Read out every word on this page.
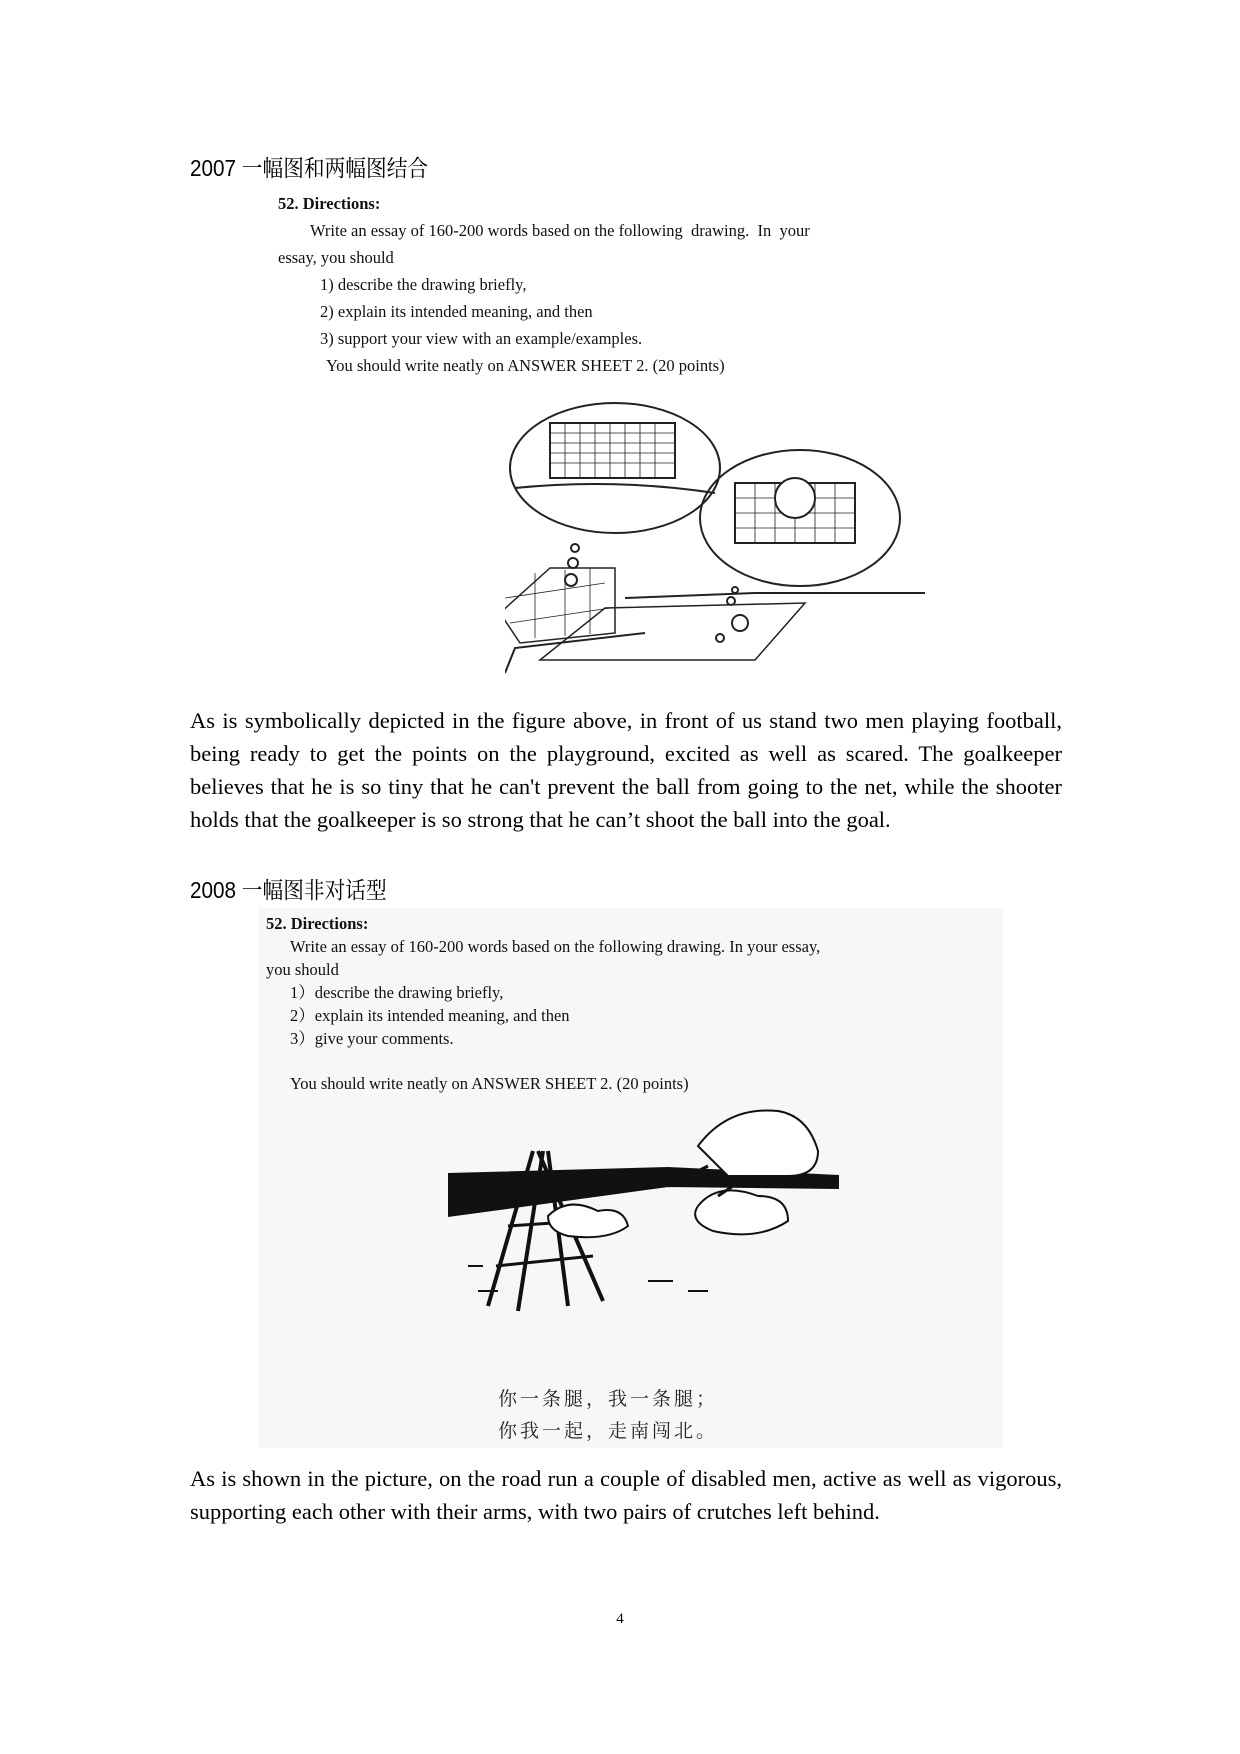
2007 一幅图和两幅图结合
52. Directions:
Write an essay of 160-200 words based on the following  drawing.  In  your
essay, you should
1) describe the drawing briefly,
2) explain its intended meaning, and then
3) support your view with an example/examples.
You should write neatly on ANSWER SHEET 2. (20 points)
As is symbolically depicted in the figure above, in front of us stand two men playing football, being ready to get the points on the playground, excited as well as scared. The goalkeeper believes that he is so tiny that he can't prevent the ball from going to the net, while the shooter holds that the goalkeeper is so strong that he can’t shoot the ball into the goal.
2008 一幅图非对话型
52. Directions:
Write an essay of 160-200 words based on the following drawing. In your essay,
you should
1）describe the drawing briefly,
2）explain its intended meaning, and then
3）give your comments.
You should write neatly on ANSWER SHEET 2. (20 points)
你一条腿，我一条腿；
你我一起，走南闯北。
As is shown in the picture, on the road run a couple of disabled men, active as well as vigorous, supporting each other with their arms, with two pairs of crutches left behind.
4
